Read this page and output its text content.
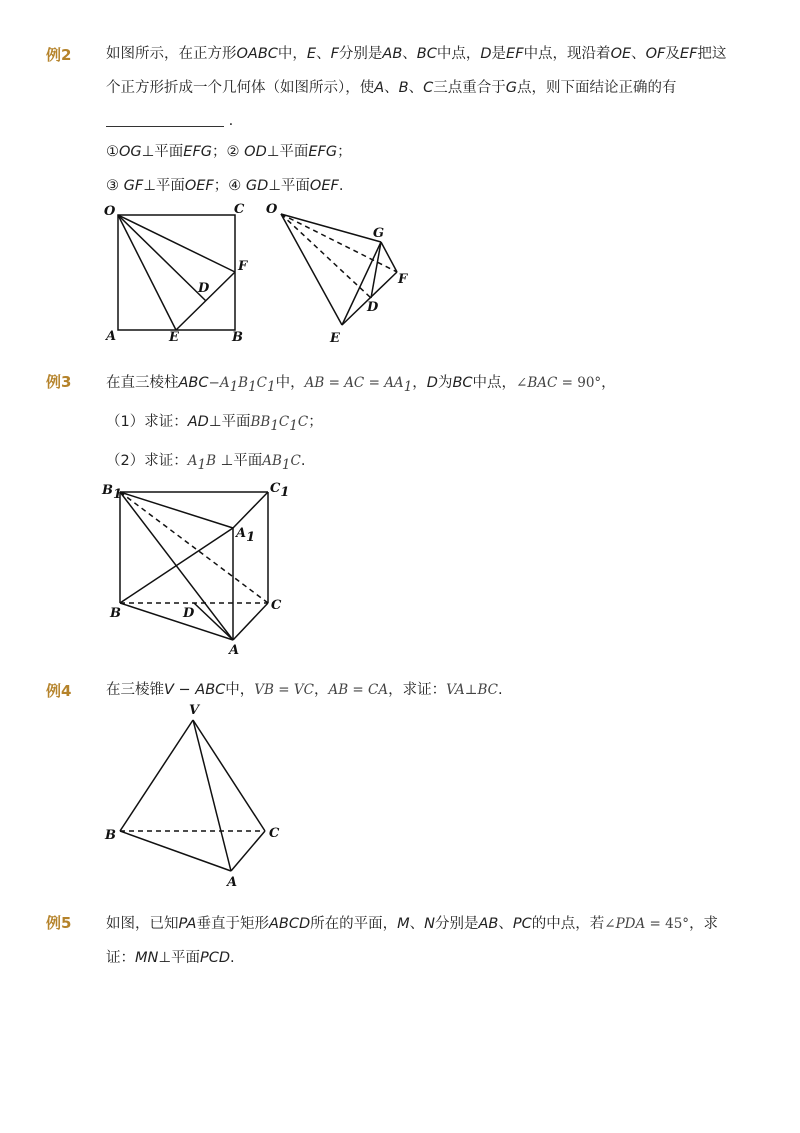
例2 如图所示，在正方形OABC中，E、F分别是AB、BC中点，D是EF中点，现沿着OE、OF及EF把这
个正方形折成一个几何体（如图所示），使A、B、C三点重合于G点，则下面结论正确的有
.
①OG⊥平面EFG；② OD⊥平面EFG；
③ GF⊥平面OEF；④ GD⊥平面OEF.
O	C
F
D
A	E	B
O
G
F
D
E
例3 在直三棱柱$ABC-A_1B_1C_1$中，AB = AC = $AA_1$，D为BC中点，∠BAC = 90°，
（1）求证：AD⊥平面$BB_1C_1C$；
（2）求证：$A_1B$ ⊥平面$AB_1C$.
B1	C1
A1
B	D
C
A
例4 在三棱锥V − ABC中，VB = VC，AB = CA，求证：VA⊥BC.
V
B	C
A
例5 如图，已知PA垂直于矩形ABCD所在的平面，M、N分别是AB、PC的中点，若∠PDA = 45°，求
证：MN⊥平面PCD.
